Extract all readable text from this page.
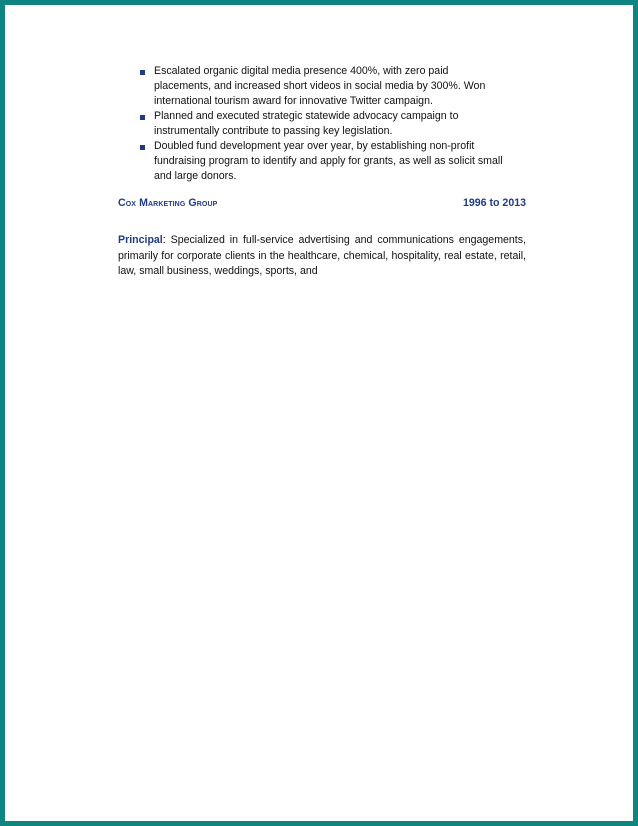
Escalated organic digital media presence 400%, with zero paid placements, and increased short videos in social media by 300%. Won international tourism award for innovative Twitter campaign.
Planned and executed strategic statewide advocacy campaign to instrumentally contribute to passing key legislation.
Doubled fund development year over year, by establishing non-profit fundraising program to identify and apply for grants, as well as solicit small and large donors.
Cox Marketing Group	1996 to 2013

Principal: Specialized in full-service advertising and communications engagements, primarily for corporate clients in the healthcare, chemical, hospitality, real estate, retail, law, small business, weddings, sports, and
